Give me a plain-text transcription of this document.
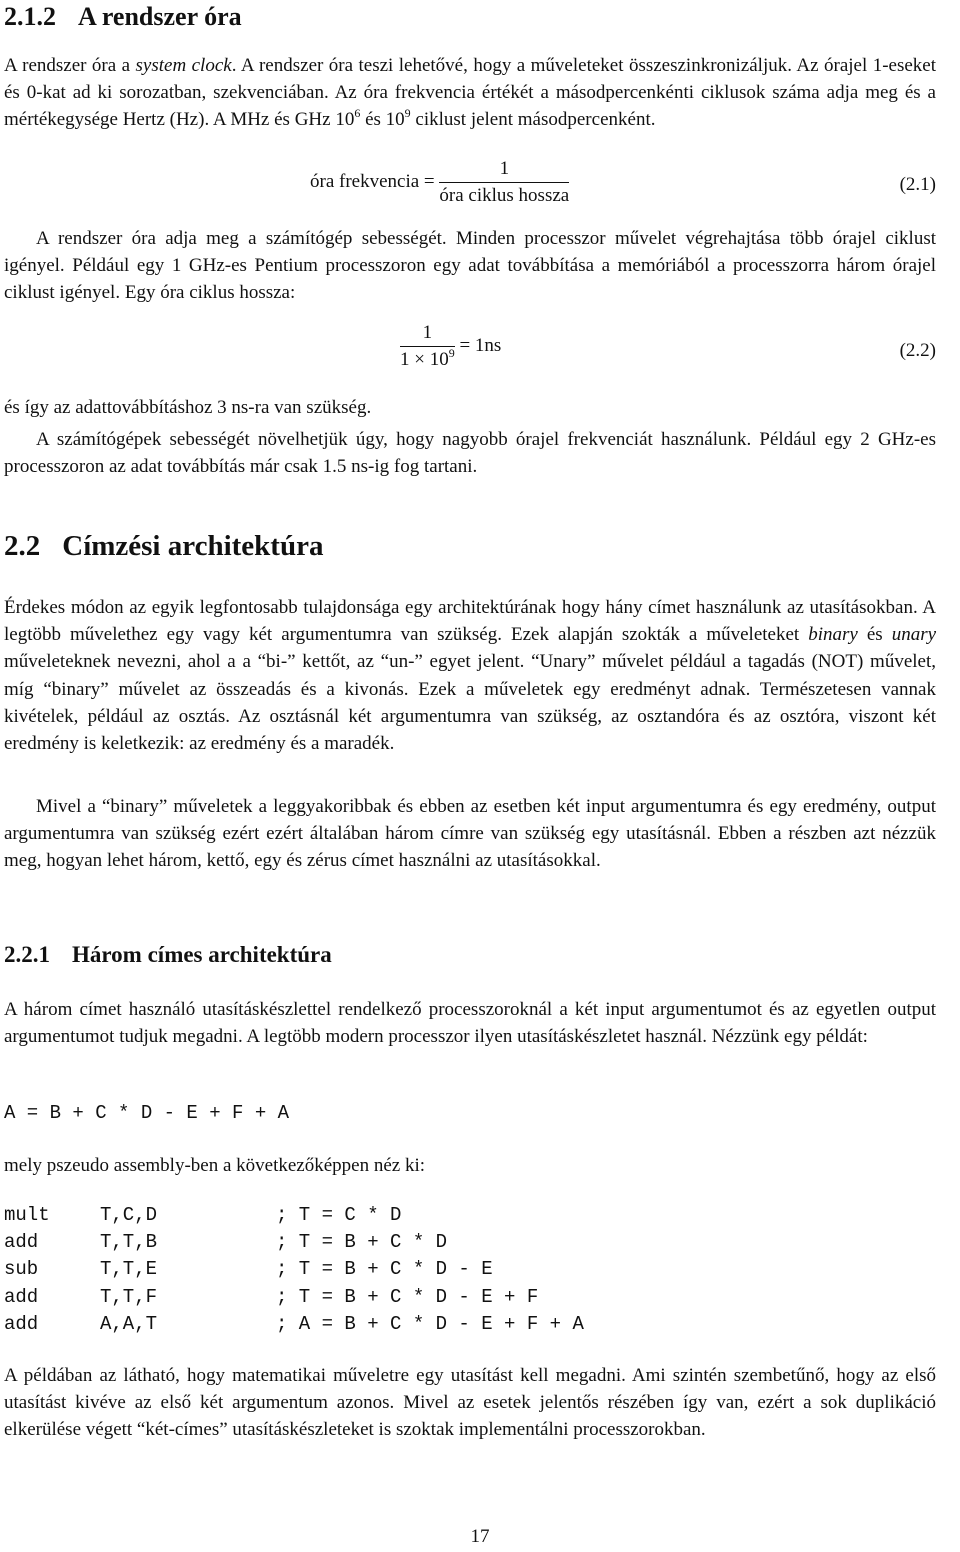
2.1.2 A rendszer óra

A rendszer óra a system clock. A rendszer óra teszi lehetővé, hogy a műveleteket összeszinkronizáljuk. Az órajel 1-eseket és 0-kat ad ki sorozatban, szekvenciában. Az óra frekvencia értékét a másodpercenkénti ciklusok száma adja meg és a mértékegysége Hertz (Hz). A MHz és GHz $10^6$ és $10^9$ ciklust jelent másodpercenként.

óra frekvencia = $\frac{1}{\text{óra ciklus hossza}}$	(2.1)

A rendszer óra adja meg a számítógép sebességét. Minden processzor művelet végrehajtása több órajel ciklust igényel. Például egy 1 GHz-es Pentium processzoron egy adat továbbítása a memóriából a processzorra három órajel ciklust igényel. Egy óra ciklus hossza:

$\frac{1}{1 \times 10^9} = 1ns$	(2.2)

és így az adattovábbításhoz 3 ns-ra van szükség.

A számítógépek sebességét növelhetjük úgy, hogy nagyobb órajel frekvenciát használunk. Például egy 2 GHz-es processzoron az adat továbbítás már csak 1.5 ns-ig fog tartani.

2.2 Címzési architektúra

Érdekes módon az egyik legfontosabb tulajdonsága egy architektúrának hogy hány címet használunk az utasításokban. A legtöbb művelethez egy vagy két argumentumra van szükség. Ezek alapján szokták a műveleteket binary és unary műveleteknek nevezni, ahol a a “bi-” kettőt, az “un-” egyet jelent. “Unary” művelet például a tagadás (NOT) művelet, míg “binary” művelet az összeadás és a kivonás. Ezek a műveletek egy eredményt adnak. Természetesen vannak kivételek, például az osztás. Az osztásnál két argumentumra van szükség, az osztandóra és az osztóra, viszont két eredmény is keletkezik: az eredmény és a maradék.

Mivel a “binary” műveletek a leggyakoribbak és ebben az esetben két input argumentumra és egy eredmény, output argumentumra van szükség ezért ezért általában három címre van szükség egy utasításnál. Ebben a részben azt nézzük meg, hogyan lehet három, kettő, egy és zérus címet használni az utasításokkal.

2.2.1 Három címes architektúra

A három címet használó utasításkészlettel rendelkező processzoroknál a két input argumentumot és az egyetlen output argumentumot tudjuk megadni. A legtöbb modern processzor ilyen utasításkészletet használ. Nézzünk egy példát:

A = B + C * D - E + F + A

mely pszeudo assembly-ben a következőképpen néz ki:

mult	T,C,D	; T = C * D
add	T,T,B	; T = B + C * D
sub	T,T,E	; T = B + C * D - E
add	T,T,F	; T = B + C * D - E + F
add	A,A,T	; A = B + C * D - E + F + A

A példában az látható, hogy matematikai műveletre egy utasítást kell megadni. Ami szintén szembetűnő, hogy az első utasítást kivéve az első két argumentum azonos. Mivel az esetek jelentős részében így van, ezért a sok duplikáció elkerülése végett “két-címes” utasításkészleteket is szoktak implementálni processzorokban.

17
